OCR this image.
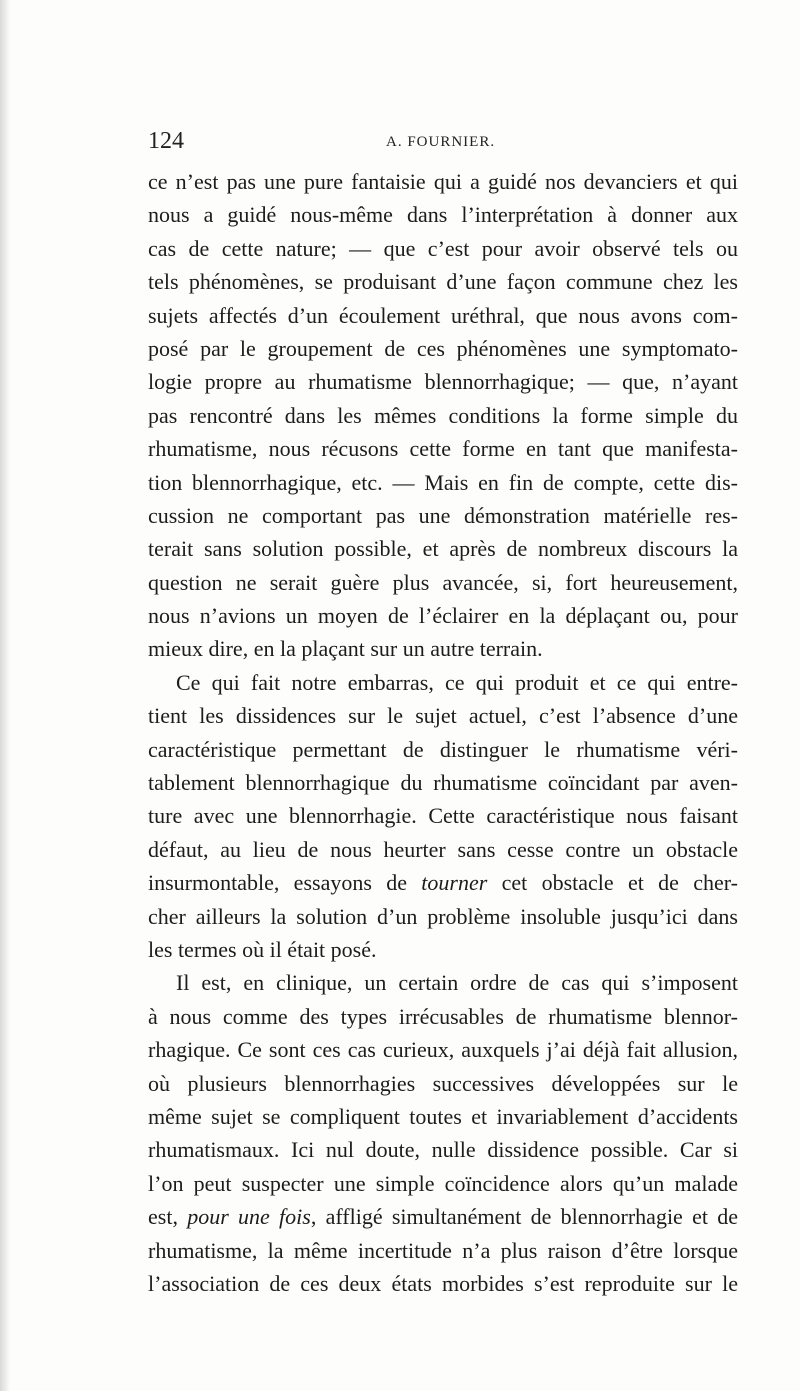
124	A. FOURNIER.
ce n’est pas une pure fantaisie qui a guidé nos devanciers et qui
nous a guidé nous-même dans l’interprétation à donner aux
cas de cette nature; — que c’est pour avoir observé tels ou
tels phénomènes, se produisant d’une façon commune chez les
sujets affectés d’un écoulement uréthral, que nous avons com-
posé par le groupement de ces phénomènes une symptomato-
logie propre au rhumatisme blennorrhagique; — que, n’ayant
pas rencontré dans les mêmes conditions la forme simple du
rhumatisme, nous récusons cette forme en tant que manifesta-
tion blennorrhagique, etc. — Mais en fin de compte, cette dis-
cussion ne comportant pas une démonstration matérielle res-
terait sans solution possible, et après de nombreux discours la
question ne serait guère plus avancée, si, fort heureusement,
nous n’avions un moyen de l’éclairer en la déplaçant ou, pour
mieux dire, en la plaçant sur un autre terrain.
Ce qui fait notre embarras, ce qui produit et ce qui entre-
tient les dissidences sur le sujet actuel, c’est l’absence d’une
caractéristique permettant de distinguer le rhumatisme véri-
tablement blennorrhagique du rhumatisme coïncidant par aven-
ture avec une blennorrhagie. Cette caractéristique nous faisant
défaut, au lieu de nous heurter sans cesse contre un obstacle
insurmontable, essayons de tourner cet obstacle et de cher-
cher ailleurs la solution d’un problème insoluble jusqu’ici dans
les termes où il était posé.
Il est, en clinique, un certain ordre de cas qui s’imposent
à nous comme des types irrécusables de rhumatisme blennor-
rhagique. Ce sont ces cas curieux, auxquels j’ai déjà fait allusion,
où plusieurs blennorrhagies successives développées sur le
même sujet se compliquent toutes et invariablement d’accidents
rhumatismaux. Ici nul doute, nulle dissidence possible. Car si
l’on peut suspecter une simple coïncidence alors qu’un malade
est, pour une fois, affligé simultanément de blennorrhagie et de
rhumatisme, la même incertitude n’a plus raison d’être lorsque
l’association de ces deux états morbides s’est reproduite sur le
